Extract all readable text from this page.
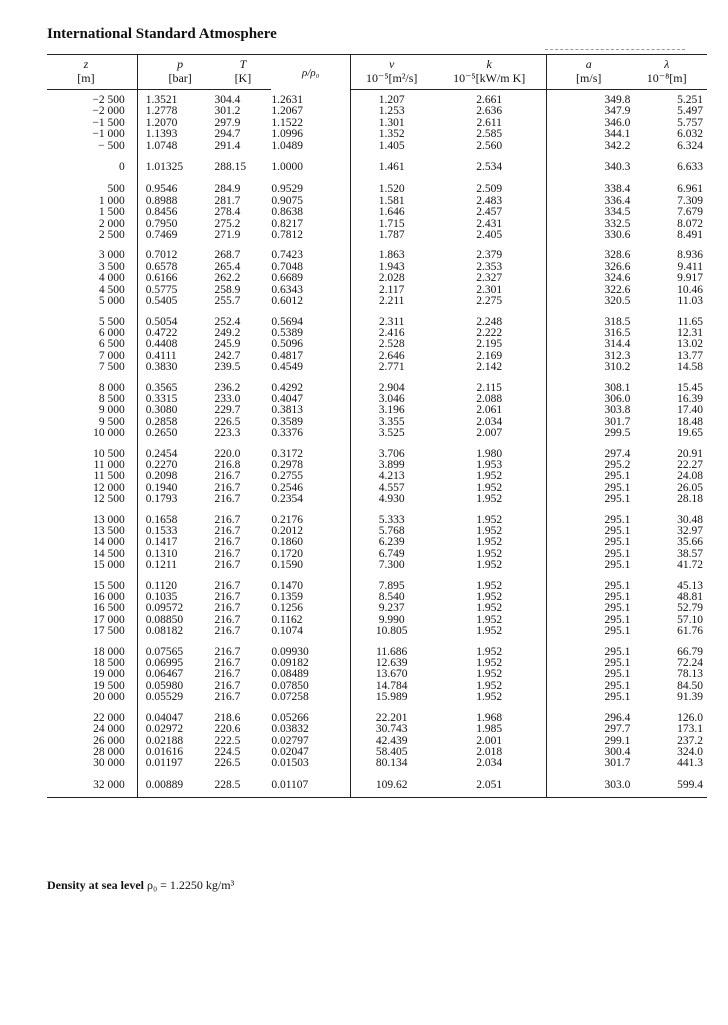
International Standard Atmosphere
z	p	T	ρ/ρ₀	ν	k	a	λ
[m]	[bar]	[K]		10⁻⁵[m²/s]	10⁻⁵[kW/m K]	[m/s]	10⁻⁸[m]
−2 500	1.3521	304.4	1.2631	1.207	2.661	349.8	5.251
−2 000	1.2778	301.2	1.2067	1.253	2.636	347.9	5.497
−1 500	1.2070	297.9	1.1522	1.301	2.611	346.0	5.757
−1 000	1.1393	294.7	1.0996	1.352	2.585	344.1	6.032
− 500	1.0748	291.4	1.0489	1.405	2.560	342.2	6.324
0	1.01325	288.15	1.0000	1.461	2.534	340.3	6.633
500	0.9546	284.9	0.9529	1.520	2.509	338.4	6.961
1 000	0.8988	281.7	0.9075	1.581	2.483	336.4	7.309
1 500	0.8456	278.4	0.8638	1.646	2.457	334.5	7.679
2 000	0.7950	275.2	0.8217	1.715	2.431	332.5	8.072
2 500	0.7469	271.9	0.7812	1.787	2.405	330.6	8.491
3 000	0.7012	268.7	0.7423	1.863	2.379	328.6	8.936
3 500	0.6578	265.4	0.7048	1.943	2.353	326.6	9.411
4 000	0.6166	262.2	0.6689	2.028	2.327	324.6	9.917
4 500	0.5775	258.9	0.6343	2.117	2.301	322.6	10.46
5 000	0.5405	255.7	0.6012	2.211	2.275	320.5	11.03
5 500	0.5054	252.4	0.5694	2.311	2.248	318.5	11.65
6 000	0.4722	249.2	0.5389	2.416	2.222	316.5	12.31
6 500	0.4408	245.9	0.5096	2.528	2.195	314.4	13.02
7 000	0.4111	242.7	0.4817	2.646	2.169	312.3	13.77
7 500	0.3830	239.5	0.4549	2.771	2.142	310.2	14.58
8 000	0.3565	236.2	0.4292	2.904	2.115	308.1	15.45
8 500	0.3315	233.0	0.4047	3.046	2.088	306.0	16.39
9 000	0.3080	229.7	0.3813	3.196	2.061	303.8	17.40
9 500	0.2858	226.5	0.3589	3.355	2.034	301.7	18.48
10 000	0.2650	223.3	0.3376	3.525	2.007	299.5	19.65
10 500	0.2454	220.0	0.3172	3.706	1.980	297.4	20.91
11 000	0.2270	216.8	0.2978	3.899	1.953	295.2	22.27
11 500	0.2098	216.7	0.2755	4.213	1.952	295.1	24.08
12 000	0.1940	216.7	0.2546	4.557	1.952	295.1	26.05
12 500	0.1793	216.7	0.2354	4.930	1.952	295.1	28.18
13 000	0.1658	216.7	0.2176	5.333	1.952	295.1	30.48
13 500	0.1533	216.7	0.2012	5.768	1.952	295.1	32.97
14 000	0.1417	216.7	0.1860	6.239	1.952	295.1	35.66
14 500	0.1310	216.7	0.1720	6.749	1.952	295.1	38.57
15 000	0.1211	216.7	0.1590	7.300	1.952	295.1	41.72
15 500	0.1120	216.7	0.1470	7.895	1.952	295.1	45.13
16 000	0.1035	216.7	0.1359	8.540	1.952	295.1	48.81
16 500	0.09572	216.7	0.1256	9.237	1.952	295.1	52.79
17 000	0.08850	216.7	0.1162	9.990	1.952	295.1	57.10
17 500	0.08182	216.7	0.1074	10.805	1.952	295.1	61.76
18 000	0.07565	216.7	0.09930	11.686	1.952	295.1	66.79
18 500	0.06995	216.7	0.09182	12.639	1.952	295.1	72.24
19 000	0.06467	216.7	0.08489	13.670	1.952	295.1	78.13
19 500	0.05980	216.7	0.07850	14.784	1.952	295.1	84.50
20 000	0.05529	216.7	0.07258	15.989	1.952	295.1	91.39
22 000	0.04047	218.6	0.05266	22.201	1.968	296.4	126.0
24 000	0.02972	220.6	0.03832	30.743	1.985	297.7	173.1
26 000	0.02188	222.5	0.02797	42.439	2.001	299.1	237.2
28 000	0.01616	224.5	0.02047	58.405	2.018	300.4	324.0
30 000	0.01197	226.5	0.01503	80.134	2.034	301.7	441.3
32 000	0.00889	228.5	0.01107	109.62	2.051	303.0	599.4
Density at sea level ρ₀ = 1.2250 kg/m³
